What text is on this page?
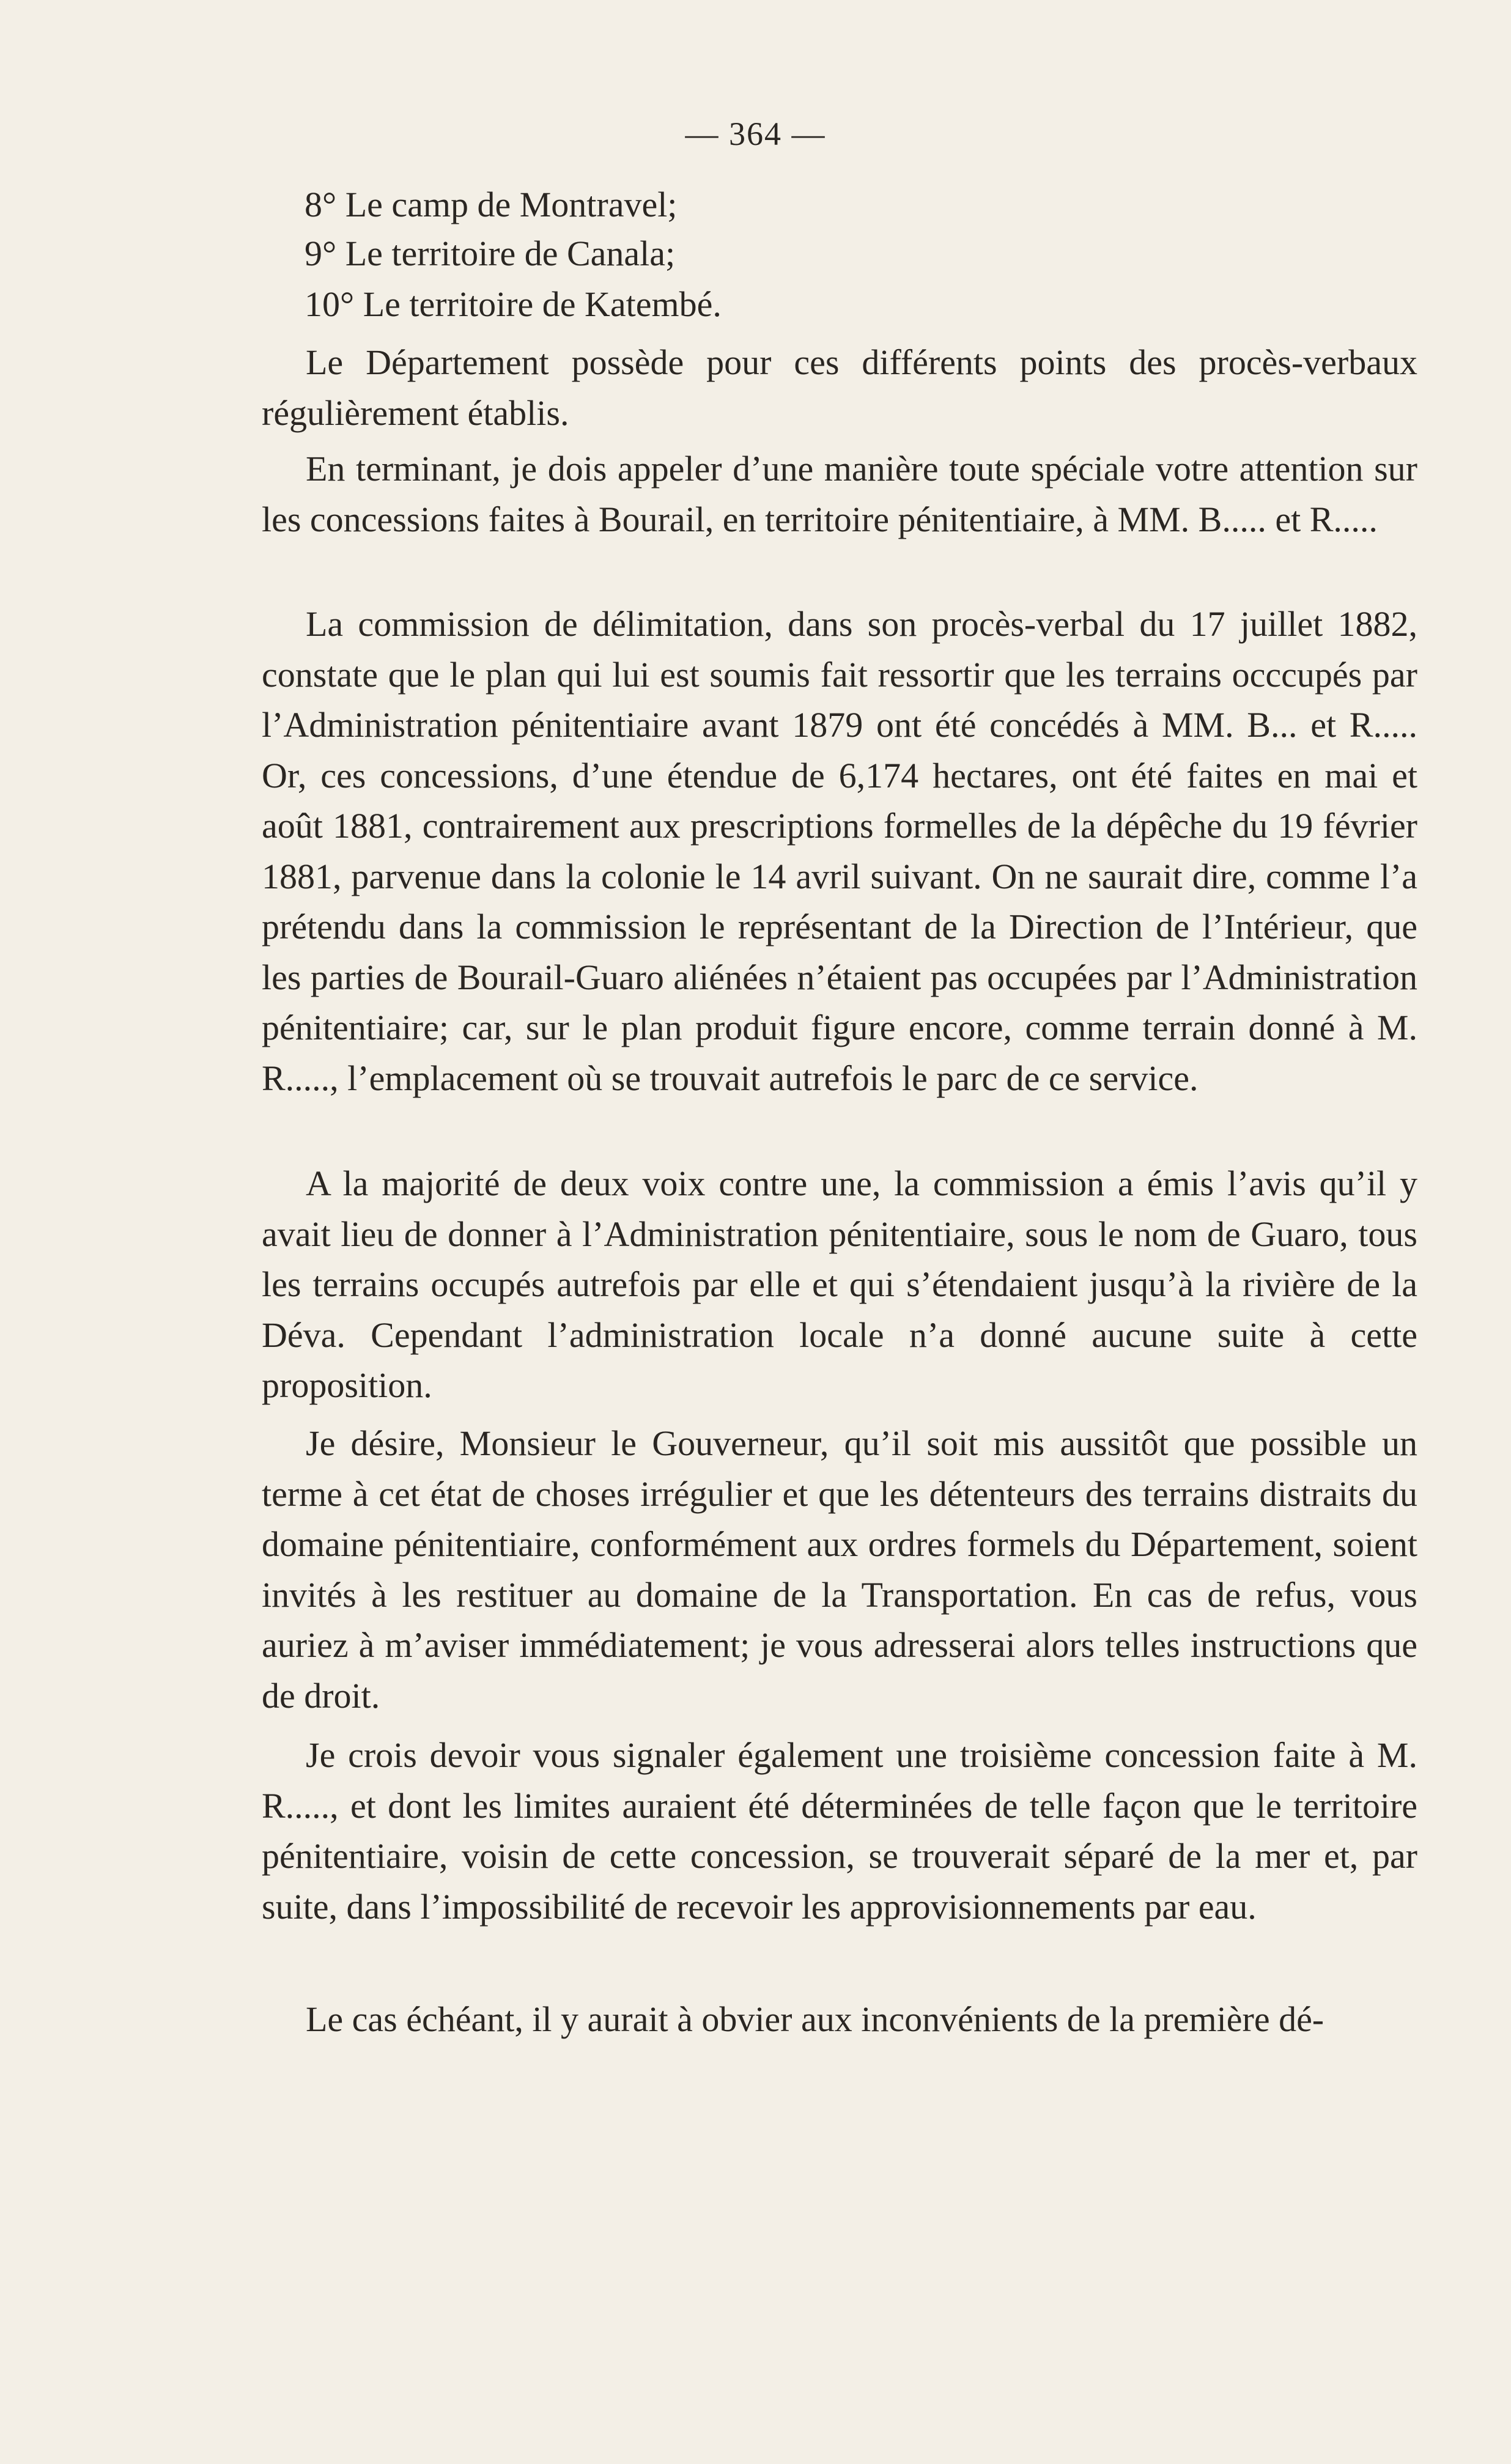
— 364 —
8° Le camp de Montravel;
9° Le territoire de Canala;
10° Le territoire de Katembé.

Le Département possède pour ces différents points des procès-verbaux régulièrement établis.

En terminant, je dois appeler d’une manière toute spéciale votre attention sur les concessions faites à Bourail, en territoire pénitentiaire, à MM. B..... et R.....

La commission de délimitation, dans son procès-verbal du 17 juillet 1882, constate que le plan qui lui est soumis fait ressortir que les terrains occcupés par l’Administration pénitentiaire avant 1879 ont été concédés à MM. B... et R..... Or, ces concessions, d’une étendue de 6,174 hectares, ont été faites en mai et août 1881, contrairement aux prescriptions formelles de la dépêche du 19 février 1881, parvenue dans la colonie le 14 avril suivant. On ne saurait dire, comme l’a prétendu dans la commission le représentant de la Direction de l’Intérieur, que les parties de Bourail-Guaro aliénées n’étaient pas occupées par l’Administration pénitentiaire; car, sur le plan produit figure encore, comme terrain donné à M. R....., l’emplacement où se trouvait autrefois le parc de ce service.

A la majorité de deux voix contre une, la commission a émis l’avis qu’il y avait lieu de donner à l’Administration pénitentiaire, sous le nom de Guaro, tous les terrains occupés autrefois par elle et qui s’étendaient jusqu’à la rivière de la Déva. Cependant l’administration locale n’a donné aucune suite à cette proposition.

Je désire, Monsieur le Gouverneur, qu’il soit mis aussitôt que possible un terme à cet état de choses irrégulier et que les détenteurs des terrains distraits du domaine pénitentiaire, conformément aux ordres formels du Département, soient invités à les restituer au domaine de la Transportation. En cas de refus, vous auriez à m’aviser immédiatement; je vous adresserai alors telles instructions que de droit.

Je crois devoir vous signaler également une troisième concession faite à M. R....., et dont les limites auraient été déterminées de telle façon que le territoire pénitentiaire, voisin de cette concession, se trouverait séparé de la mer et, par suite, dans l’impossibilité de recevoir les approvisionnements par eau.

Le cas échéant, il y aurait à obvier aux inconvénients de la première dé-
